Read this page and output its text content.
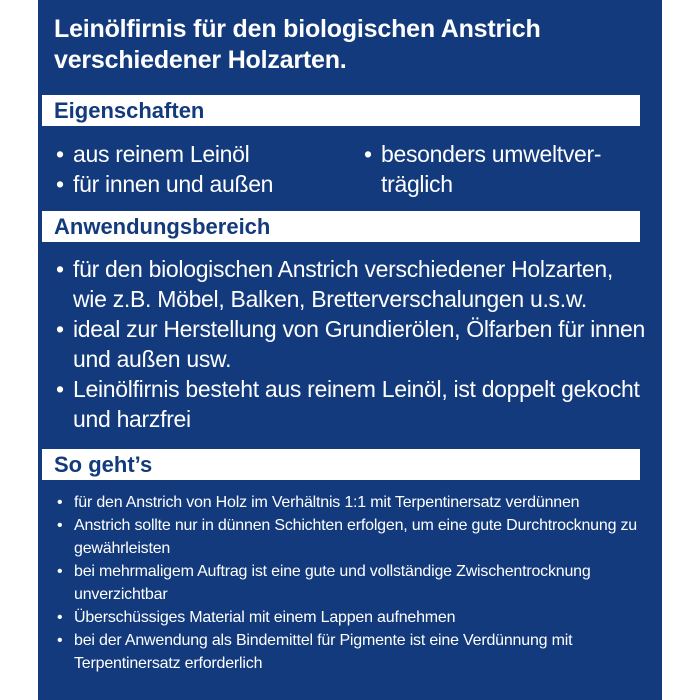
Leinölfirnis für den biologischen Anstrich verschiedener Holzarten.
Eigenschaften
• aus reinem Leinöl
• für innen und außen
• besonders umweltver-träglich
Anwendungsbereich
• für den biologischen Anstrich verschiedener Holzarten, wie z.B. Möbel, Balken, Bretterverschalungen u.s.w.
• ideal zur Herstellung von Grundierölen, Ölfarben für innen und außen usw.
• Leinölfirnis besteht aus reinem Leinöl, ist doppelt gekocht und harzfrei
So geht’s
• für den Anstrich von Holz im Verhältnis 1:1 mit Terpentinersatz verdünnen
• Anstrich sollte nur in dünnen Schichten erfolgen, um eine gute Durchtrocknung zu gewährleisten
• bei mehrmaligem Auftrag ist eine gute und vollständige Zwischentrocknung unverzichtbar
• Überschüssiges Material mit einem Lappen aufnehmen
• bei der Anwendung als Bindemittel für Pigmente ist eine Verdünnung mit Terpentinersatz erforderlich
